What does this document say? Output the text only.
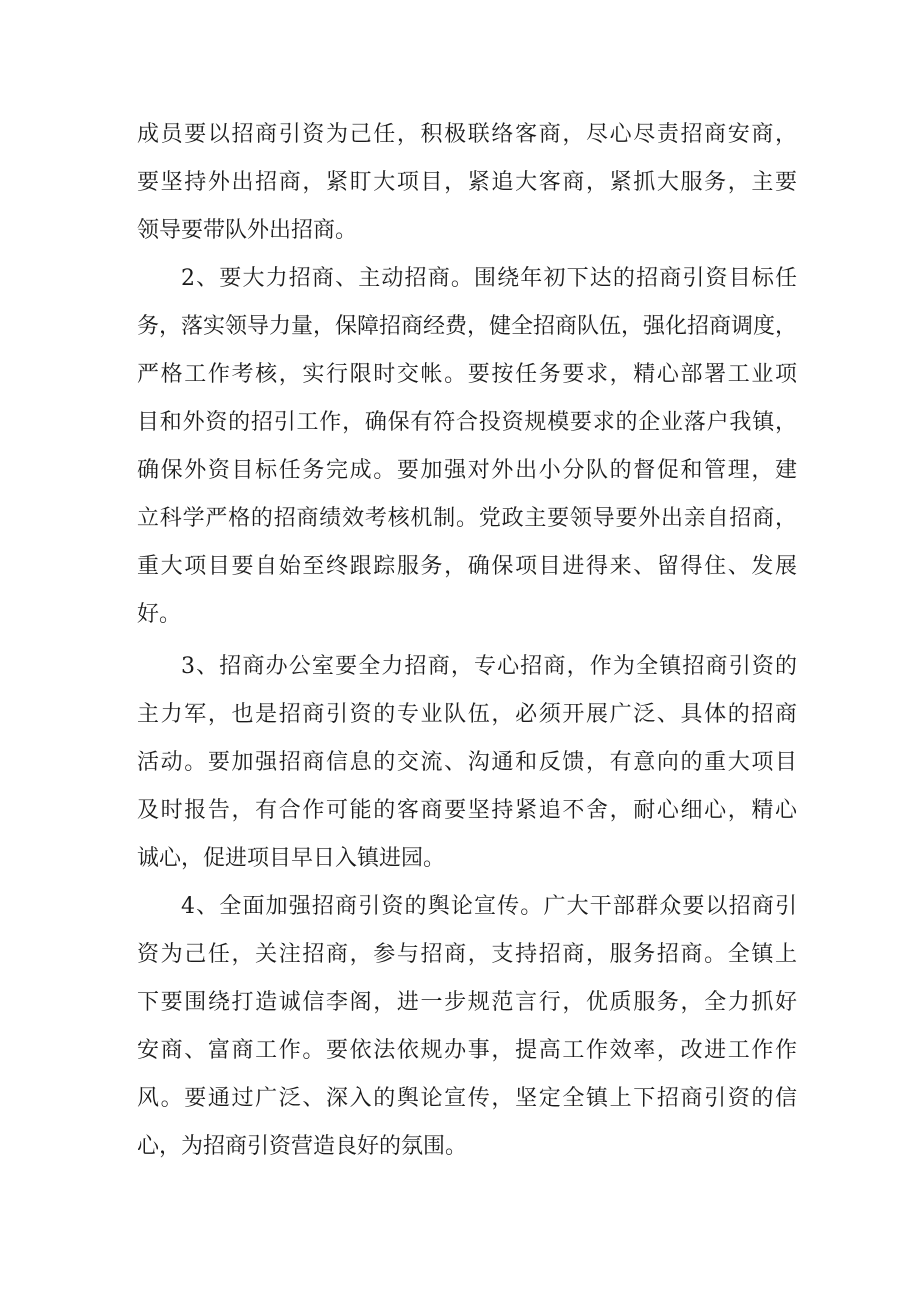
成员要以招商引资为己任，积极联络客商，尽心尽责招商安商，
要坚持外出招商，紧盯大项目，紧追大客商，紧抓大服务，主要
领导要带队外出招商。
2、要大力招商、主动招商。围绕年初下达的招商引资目标任
务，落实领导力量，保障招商经费，健全招商队伍，强化招商调度，
严格工作考核，实行限时交帐。要按任务要求，精心部署工业项
目和外资的招引工作，确保有符合投资规模要求的企业落户我镇，
确保外资目标任务完成。要加强对外出小分队的督促和管理，建
立科学严格的招商绩效考核机制。党政主要领导要外出亲自招商，
重大项目要自始至终跟踪服务，确保项目进得来、留得住、发展
好。
3、招商办公室要全力招商，专心招商，作为全镇招商引资的
主力军，也是招商引资的专业队伍，必须开展广泛、具体的招商
活动。要加强招商信息的交流、沟通和反馈，有意向的重大项目
及时报告，有合作可能的客商要坚持紧追不舍，耐心细心，精心
诚心，促进项目早日入镇进园。
4、全面加强招商引资的舆论宣传。广大干部群众要以招商引
资为己任，关注招商，参与招商，支持招商，服务招商。全镇上
下要围绕打造诚信李阁，进一步规范言行，优质服务，全力抓好
安商、富商工作。要依法依规办事，提高工作效率，改进工作作
风。要通过广泛、深入的舆论宣传，坚定全镇上下招商引资的信
心，为招商引资营造良好的氛围。
